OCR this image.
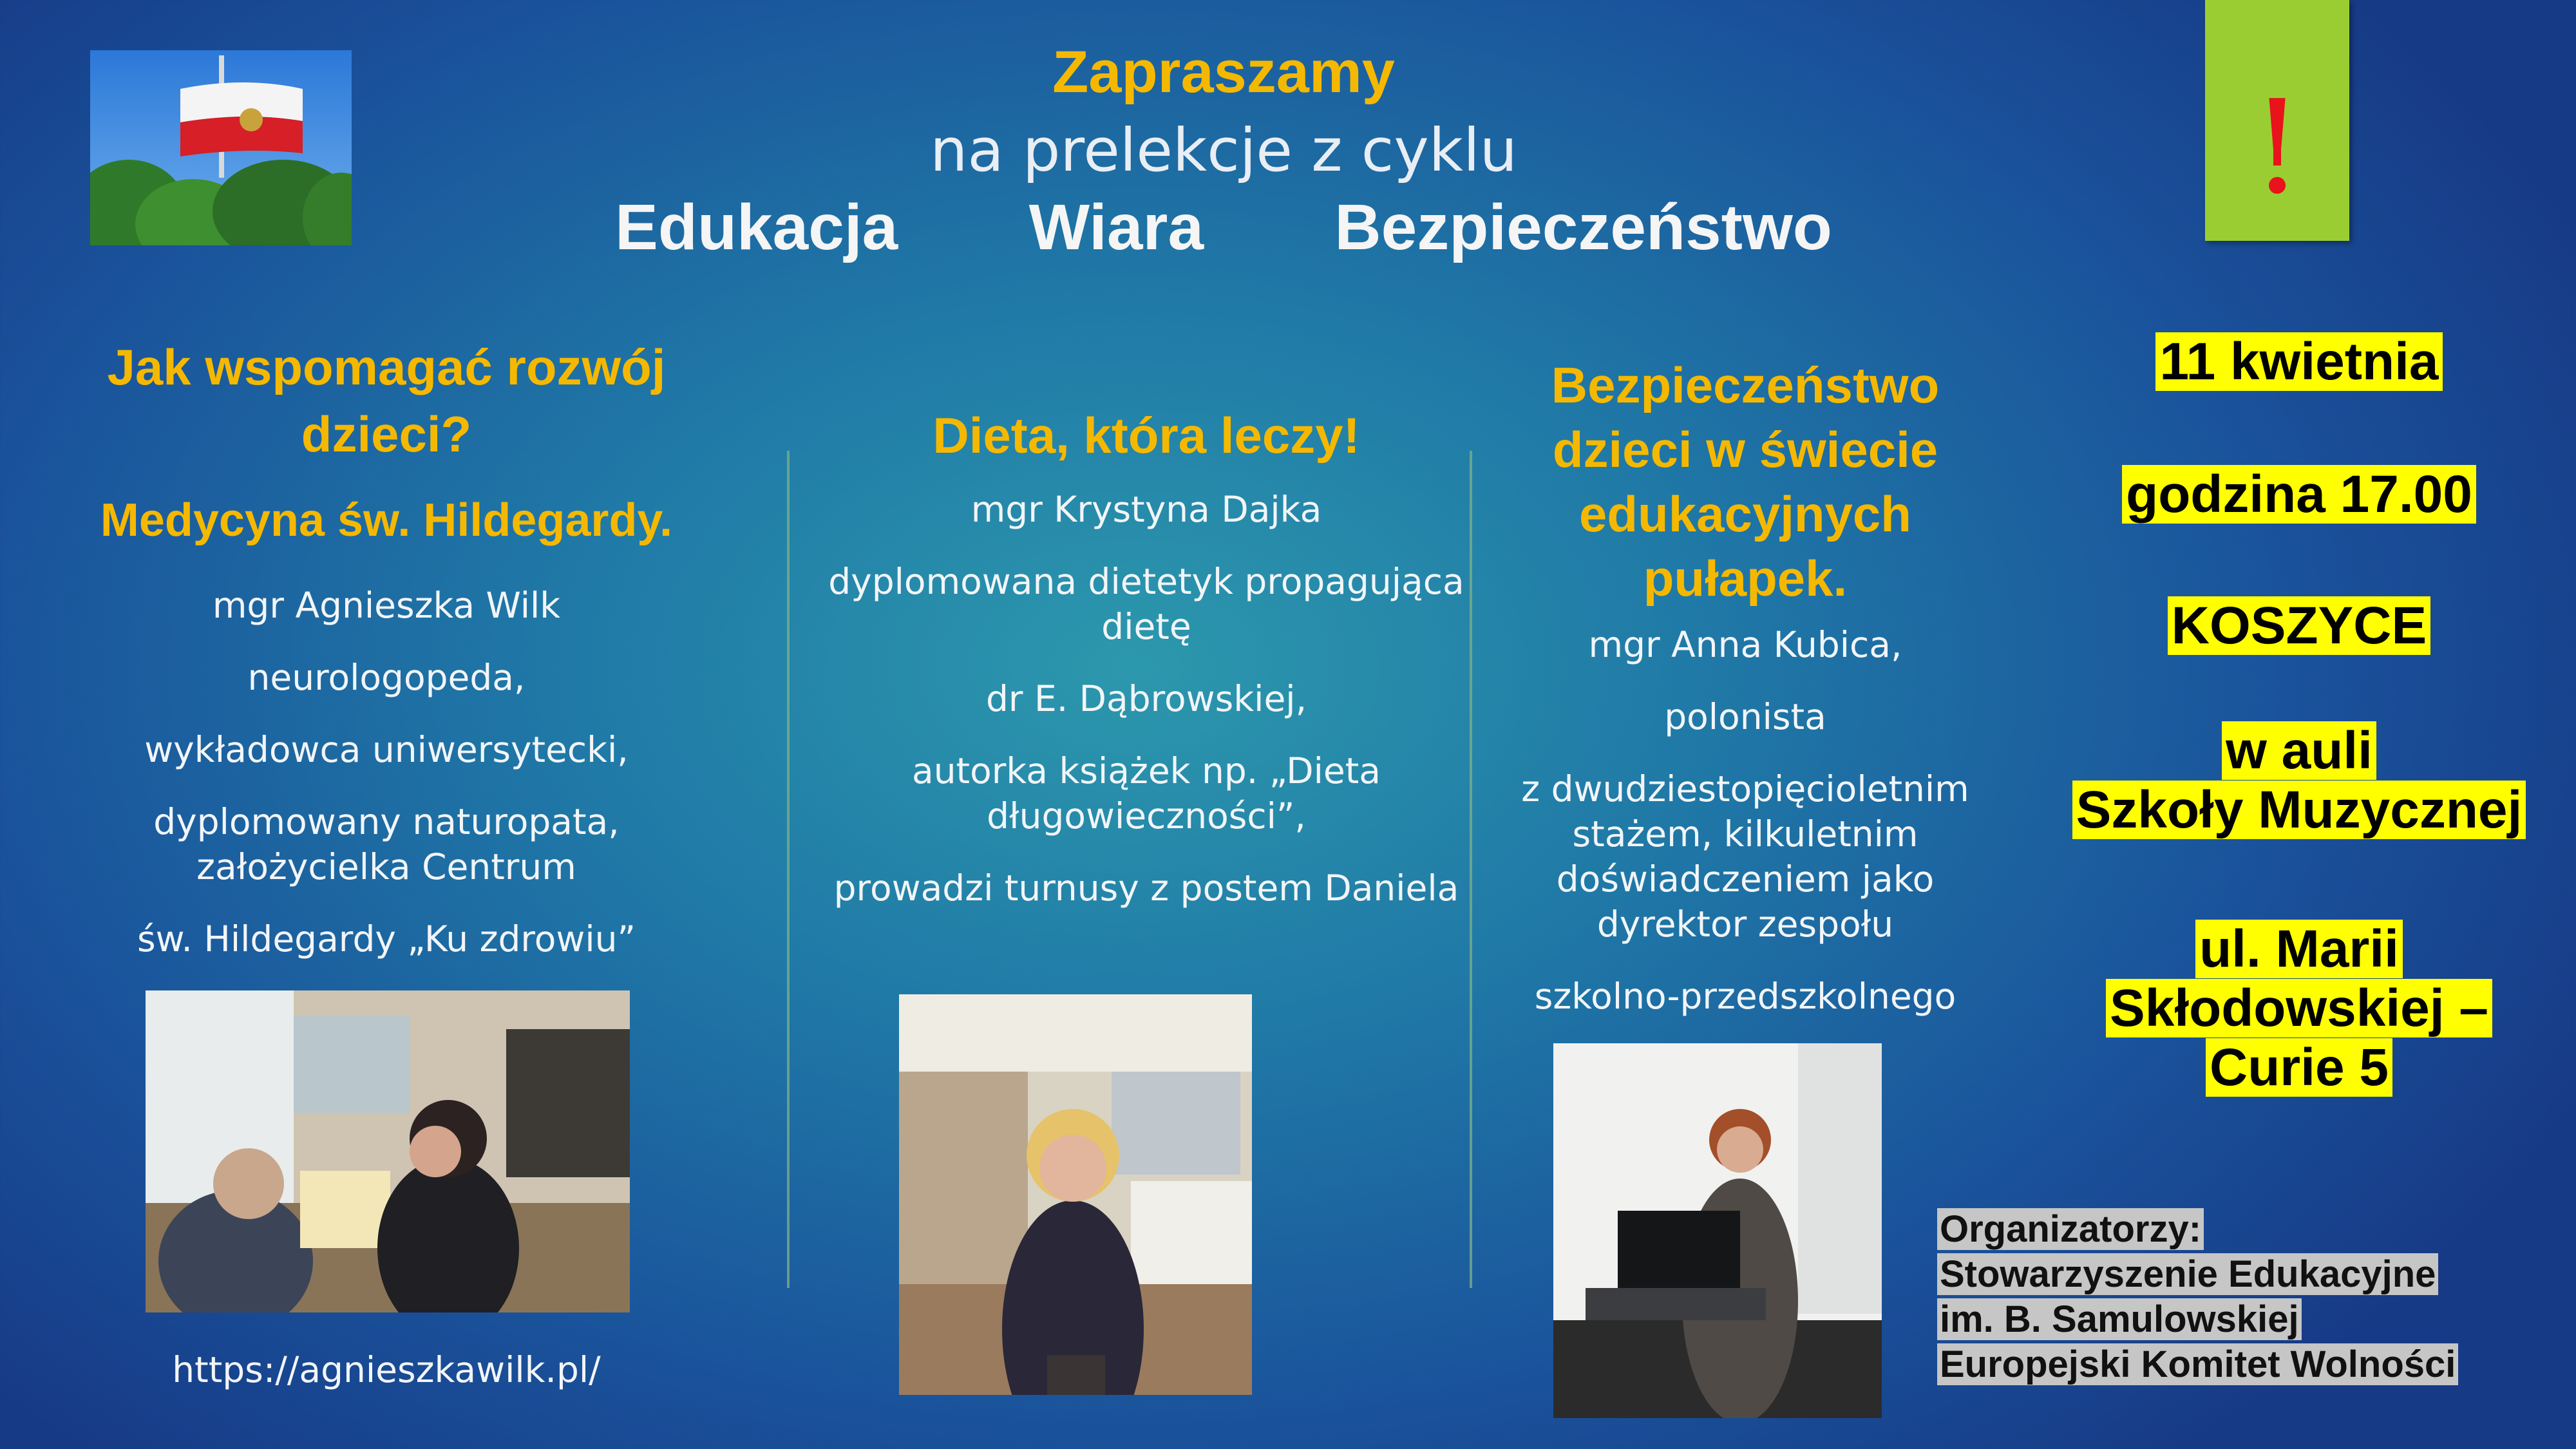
Zapraszamy
na prelekcje z cyklu
Edukacja   Wiara   Bezpieczeństwo
!
Jak wspomagać rozwój
dzieci?
Medycyna św. Hildegardy.

mgr Agnieszka Wilk

neurologopeda,

wykładowca uniwersytecki,

dyplomowany naturopata, założycielka Centrum

św. Hildegardy „Ku zdrowiu”

https://agnieszkawilk.pl/
Dieta, która leczy!

mgr Krystyna Dajka

dyplomowana dietetyk propagująca dietę

dr E. Dąbrowskiej,

autorka książek np. „Dieta długowieczności”,

prowadzi turnusy z postem Daniela

Bezpieczeństwo
dzieci w świecie
edukacyjnych
pułapek.

mgr Anna Kubica,

polonista

z dwudziestopięcioletnim stażem, kilkuletnim doświadczeniem jako dyrektor zespołu

szkolno-przedszkolnego

11 kwietnia
godzina 17.00
KOSZYCE
w auli
Szkoły Muzycznej
ul. Marii
Skłodowskiej –
Curie 5
Organizatorzy:
Stowarzyszenie Edukacyjne
im. B. Samulowskiej
Europejski Komitet Wolności
